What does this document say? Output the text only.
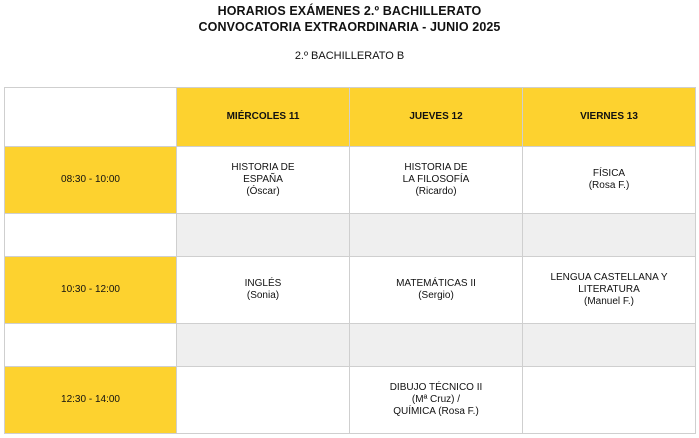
HORARIOS EXÁMENES 2.º BACHILLERATO
CONVOCATORIA EXTRAORDINARIA - JUNIO 2025
2.º BACHILLERATO B
	MIÉRCOLES 11	JUEVES 12	VIERNES 13
08:30 - 10:00	HISTORIA DE
ESPAÑA
(Óscar)	HISTORIA DE
LA FILOSOFÍA
(Ricardo)	FÍSICA
(Rosa F.)

10:30 - 12:00	INGLÉS
(Sonia)	MATEMÁTICAS II
(Sergio)	LENGUA CASTELLANA Y
LITERATURA
(Manuel F.)

12:30 - 14:00		DIBUJO TÉCNICO II
(Mª Cruz) /
QUÍMICA (Rosa F.)	
